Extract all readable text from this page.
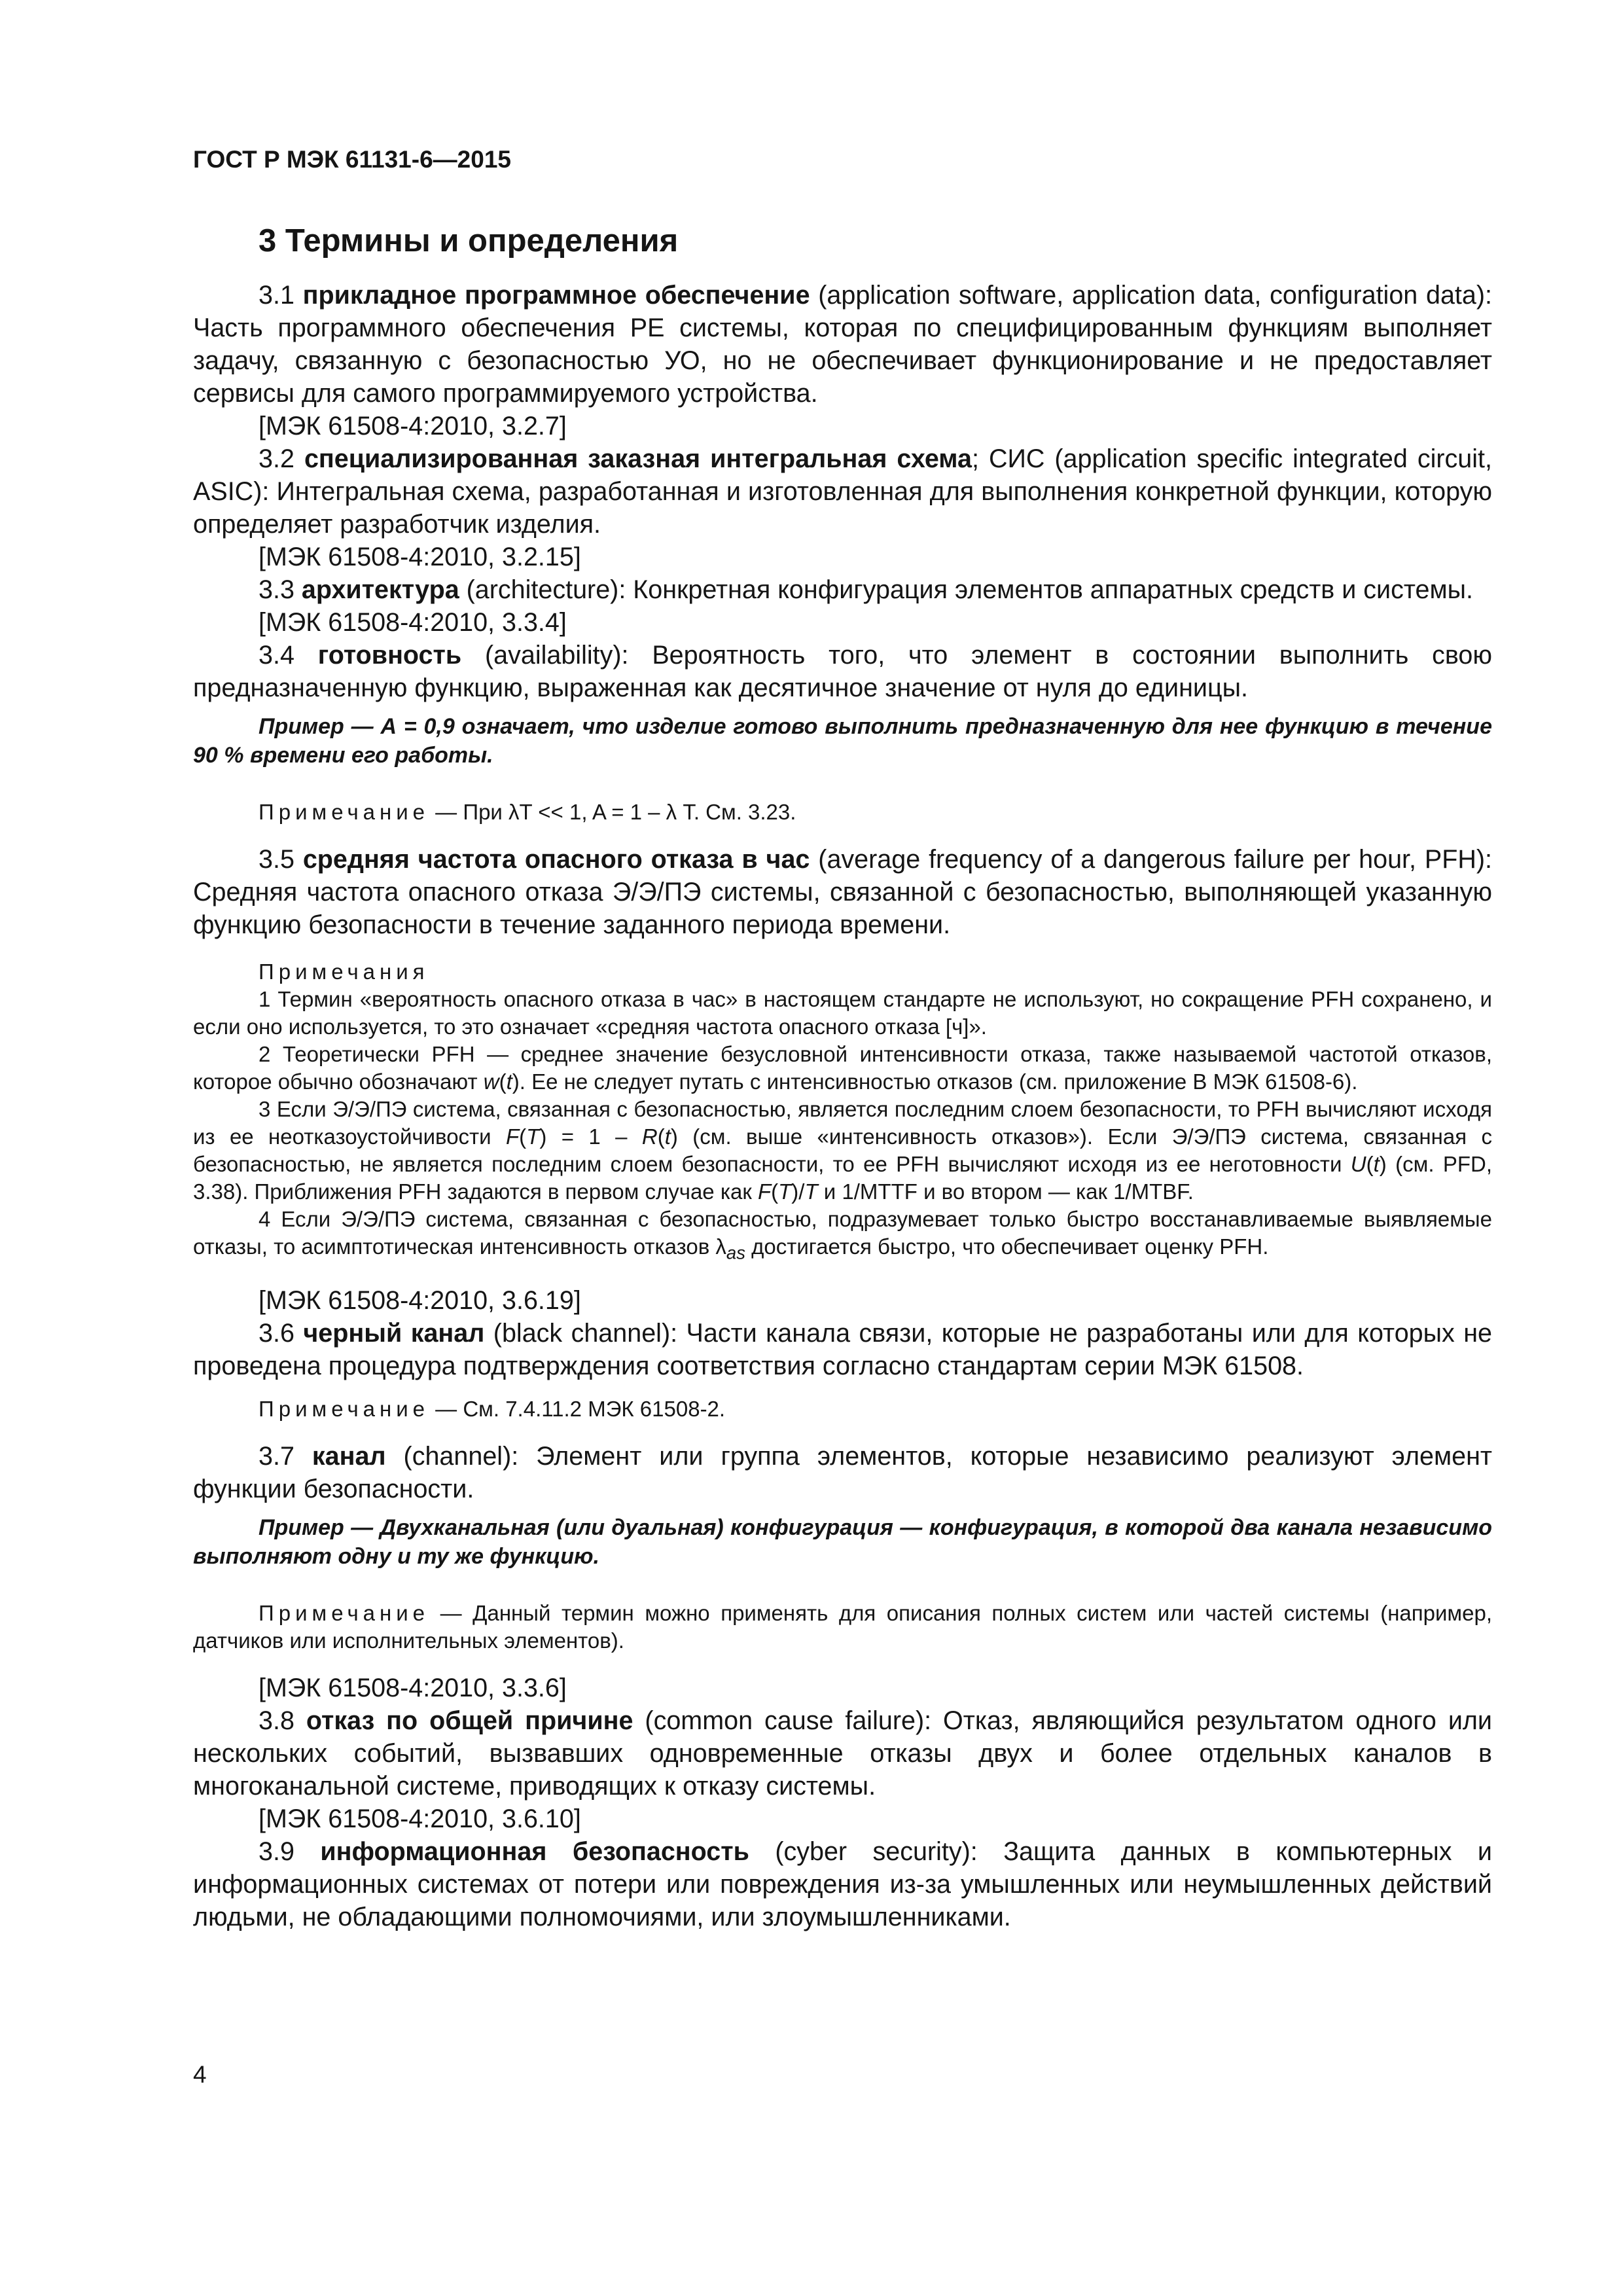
ГОСТ Р МЭК 61131-6—2015
3 Термины и определения

3.1 прикладное программное обеспечение (application software, application data, configuration data): Часть программного обеспечения PE системы, которая по специфицированным функциям выполняет задачу, связанную с безопасностью УО, но не обеспечивает функционирование и не предоставляет сервисы для самого программируемого устройства.

[МЭК 61508-4:2010, 3.2.7]

3.2 специализированная заказная интегральная схема; СИС (application specific integrated circuit, ASIC): Интегральная схема, разработанная и изготовленная для выполнения конкретной функции, которую определяет разработчик изделия.

[МЭК 61508-4:2010, 3.2.15]

3.3 архитектура (architecture): Конкретная конфигурация элементов аппаратных средств и системы.

[МЭК 61508-4:2010, 3.3.4]

3.4 готовность (availability): Вероятность того, что элемент в состоянии выполнить свою предназначенную функцию, выраженная как десятичное значение от нуля до единицы.

Пример — А = 0,9 означает, что изделие готово выполнить предназначенную для нее функцию в течение 90 % времени его работы.

Примечание — При λT << 1, A = 1 – λ T. См. 3.23.

3.5 средняя частота опасного отказа в час (average frequency of a dangerous failure per hour, PFH): Средняя частота опасного отказа Э/Э/ПЭ системы, связанной с безопасностью, выполняющей указанную функцию безопасности в течение заданного периода времени.

Примечания

1 Термин «вероятность опасного отказа в час» в настоящем стандарте не используют, но сокращение PFH сохранено, и если оно используется, то это означает «средняя частота опасного отказа [ч]».

2 Теоретически PFH — среднее значение безусловной интенсивности отказа, также называемой частотой отказов, которое обычно обозначают w(t). Ее не следует путать с интенсивностью отказов (см. приложение В МЭК 61508-6).

3 Если Э/Э/ПЭ система, связанная с безопасностью, является последним слоем безопасности, то PFH вычисляют исходя из ее неотказоустойчивости F(T) = 1 – R(t) (см. выше «интенсивность отказов»). Если Э/Э/ПЭ система, связанная с безопасностью, не является последним слоем безопасности, то ее PFH вычисляют исходя из ее неготовности U(t) (см. PFD, 3.38). Приближения PFH задаются в первом случае как F(T)/T и 1/MTTF и во втором — как 1/MTBF.

4 Если Э/Э/ПЭ система, связанная с безопасностью, подразумевает только быстро восстанавливаемые выявляемые отказы, то асимптотическая интенсивность отказов $\lambda_{as}$ достигается быстро, что обеспечивает оценку PFH.

[МЭК 61508-4:2010, 3.6.19]

3.6 черный канал (black channel): Части канала связи, которые не разработаны или для которых не проведена процедура подтверждения соответствия согласно стандартам серии МЭК 61508.

Примечание — См. 7.4.11.2 МЭК 61508-2.

3.7 канал (channel): Элемент или группа элементов, которые независимо реализуют элемент функции безопасности.

Пример — Двухканальная (или дуальная) конфигурация — конфигурация, в которой два канала независимо выполняют одну и ту же функцию.

Примечание — Данный термин можно применять для описания полных систем или частей системы (например, датчиков или исполнительных элементов).

[МЭК 61508-4:2010, 3.3.6]

3.8 отказ по общей причине (common cause failure): Отказ, являющийся результатом одного или нескольких событий, вызвавших одновременные отказы двух и более отдельных каналов в многоканальной системе, приводящих к отказу системы.

[МЭК 61508-4:2010, 3.6.10]

3.9 информационная безопасность (cyber security): Защита данных в компьютерных и информационных системах от потери или повреждения из-за умышленных или неумышленных действий людьми, не обладающими полномочиями, или злоумышленниками.

4
